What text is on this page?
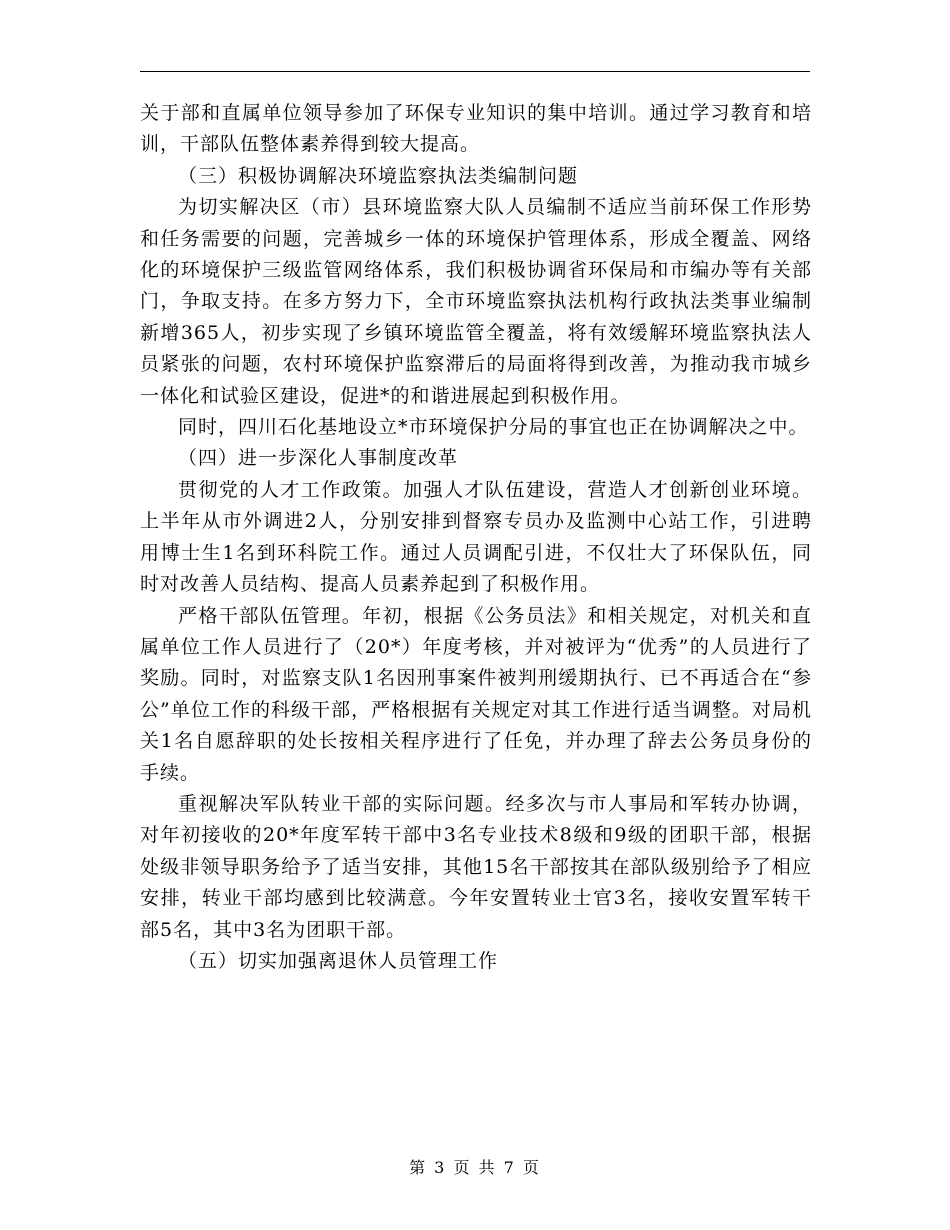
关于部和直属单位领导参加了环保专业知识的集中培训。通过学习教育和培训，干部队伍整体素养得到较大提高。

（三）积极协调解决环境监察执法类编制问题

为切实解决区（市）县环境监察大队人员编制不适应当前环保工作形势和任务需要的问题，完善城乡一体的环境保护管理体系，形成全覆盖、网络化的环境保护三级监管网络体系，我们积极协调省环保局和市编办等有关部门，争取支持。在多方努力下，全市环境监察执法机构行政执法类事业编制新增365人，初步实现了乡镇环境监管全覆盖，将有效缓解环境监察执法人员紧张的问题，农村环境保护监察滞后的局面将得到改善，为推动我市城乡一体化和试验区建设，促进*的和谐进展起到积极作用。

同时，四川石化基地设立*市环境保护分局的事宜也正在协调解决之中。

（四）进一步深化人事制度改革

贯彻党的人才工作政策。加强人才队伍建设，营造人才创新创业环境。上半年从市外调进2人，分别安排到督察专员办及监测中心站工作，引进聘用博士生1名到环科院工作。通过人员调配引进，不仅壮大了环保队伍，同时对改善人员结构、提高人员素养起到了积极作用。

严格干部队伍管理。年初，根据《公务员法》和相关规定，对机关和直属单位工作人员进行了（20*）年度考核，并对被评为“优秀”的人员进行了奖励。同时，对监察支队1名因刑事案件被判刑缓期执行、已不再适合在“参公”单位工作的科级干部，严格根据有关规定对其工作进行适当调整。对局机关1名自愿辞职的处长按相关程序进行了任免，并办理了辞去公务员身份的手续。

重视解决军队转业干部的实际问题。经多次与市人事局和军转办协调，对年初接收的20*年度军转干部中3名专业技术8级和9级的团职干部，根据处级非领导职务给予了适当安排，其他15名干部按其在部队级别给予了相应安排，转业干部均感到比较满意。今年安置转业士官3名，接收安置军转干部5名，其中3名为团职干部。

（五）切实加强离退休人员管理工作

第 3 页 共 7 页
